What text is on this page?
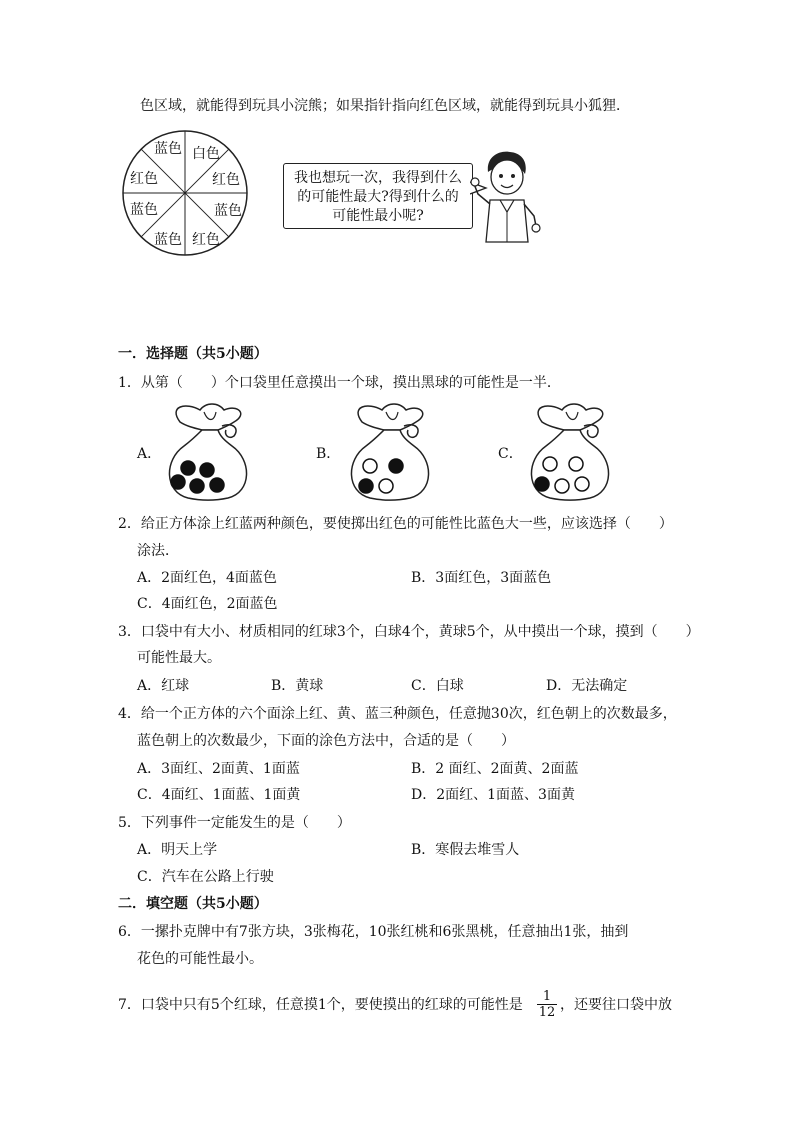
色区域，就能得到玩具小浣熊；如果指针指向红色区域，就能得到玩具小狐狸．
蓝色 白色
红色
蓝色
红色
蓝色
红色
蓝色
我也想玩一次，我得到什么的可能性最大?得到什么的可能性最小呢?
一．选择题（共5小题）
1．从第（　　）个口袋里任意摸出一个球，摸出黑球的可能性是一半．
A．	B．	C．
2．给正方体涂上红蓝两种颜色，要使掷出红色的可能性比蓝色大一些，应该选择（　　）
涂法．
A．2面红色，4面蓝色	B．3面红色，3面蓝色
C．4面红色，2面蓝色
3．口袋中有大小、材质相同的红球3个，白球4个，黄球5个，从中摸出一个球，摸到（　　）
可能性最大。
A．红球	B．黄球	C．白球	D．无法确定
4．给一个正方体的六个面涂上红、黄、蓝三种颜色，任意抛30次，红色朝上的次数最多，
蓝色朝上的次数最少，下面的涂色方法中，合适的是（　　）
A．3面红、2面黄、1面蓝	B．2 面红、2面黄、2面蓝
C．4面红、1面蓝、1面黄	D．2面红、1面蓝、3面黄
5．下列事件一定能发生的是（　　）
A．明天上学	B．寒假去堆雪人
C．汽车在公路上行驶
二．填空题（共5小题）
6．一摞扑克牌中有7张方块，3张梅花，10张红桃和6张黑桃，任意抽出1张，抽到
花色的可能性最小。
7．口袋中只有5个红球，任意摸1个，要使摸出的红球的可能性是 $\frac{1}{12}$ ，还要往口袋中放
